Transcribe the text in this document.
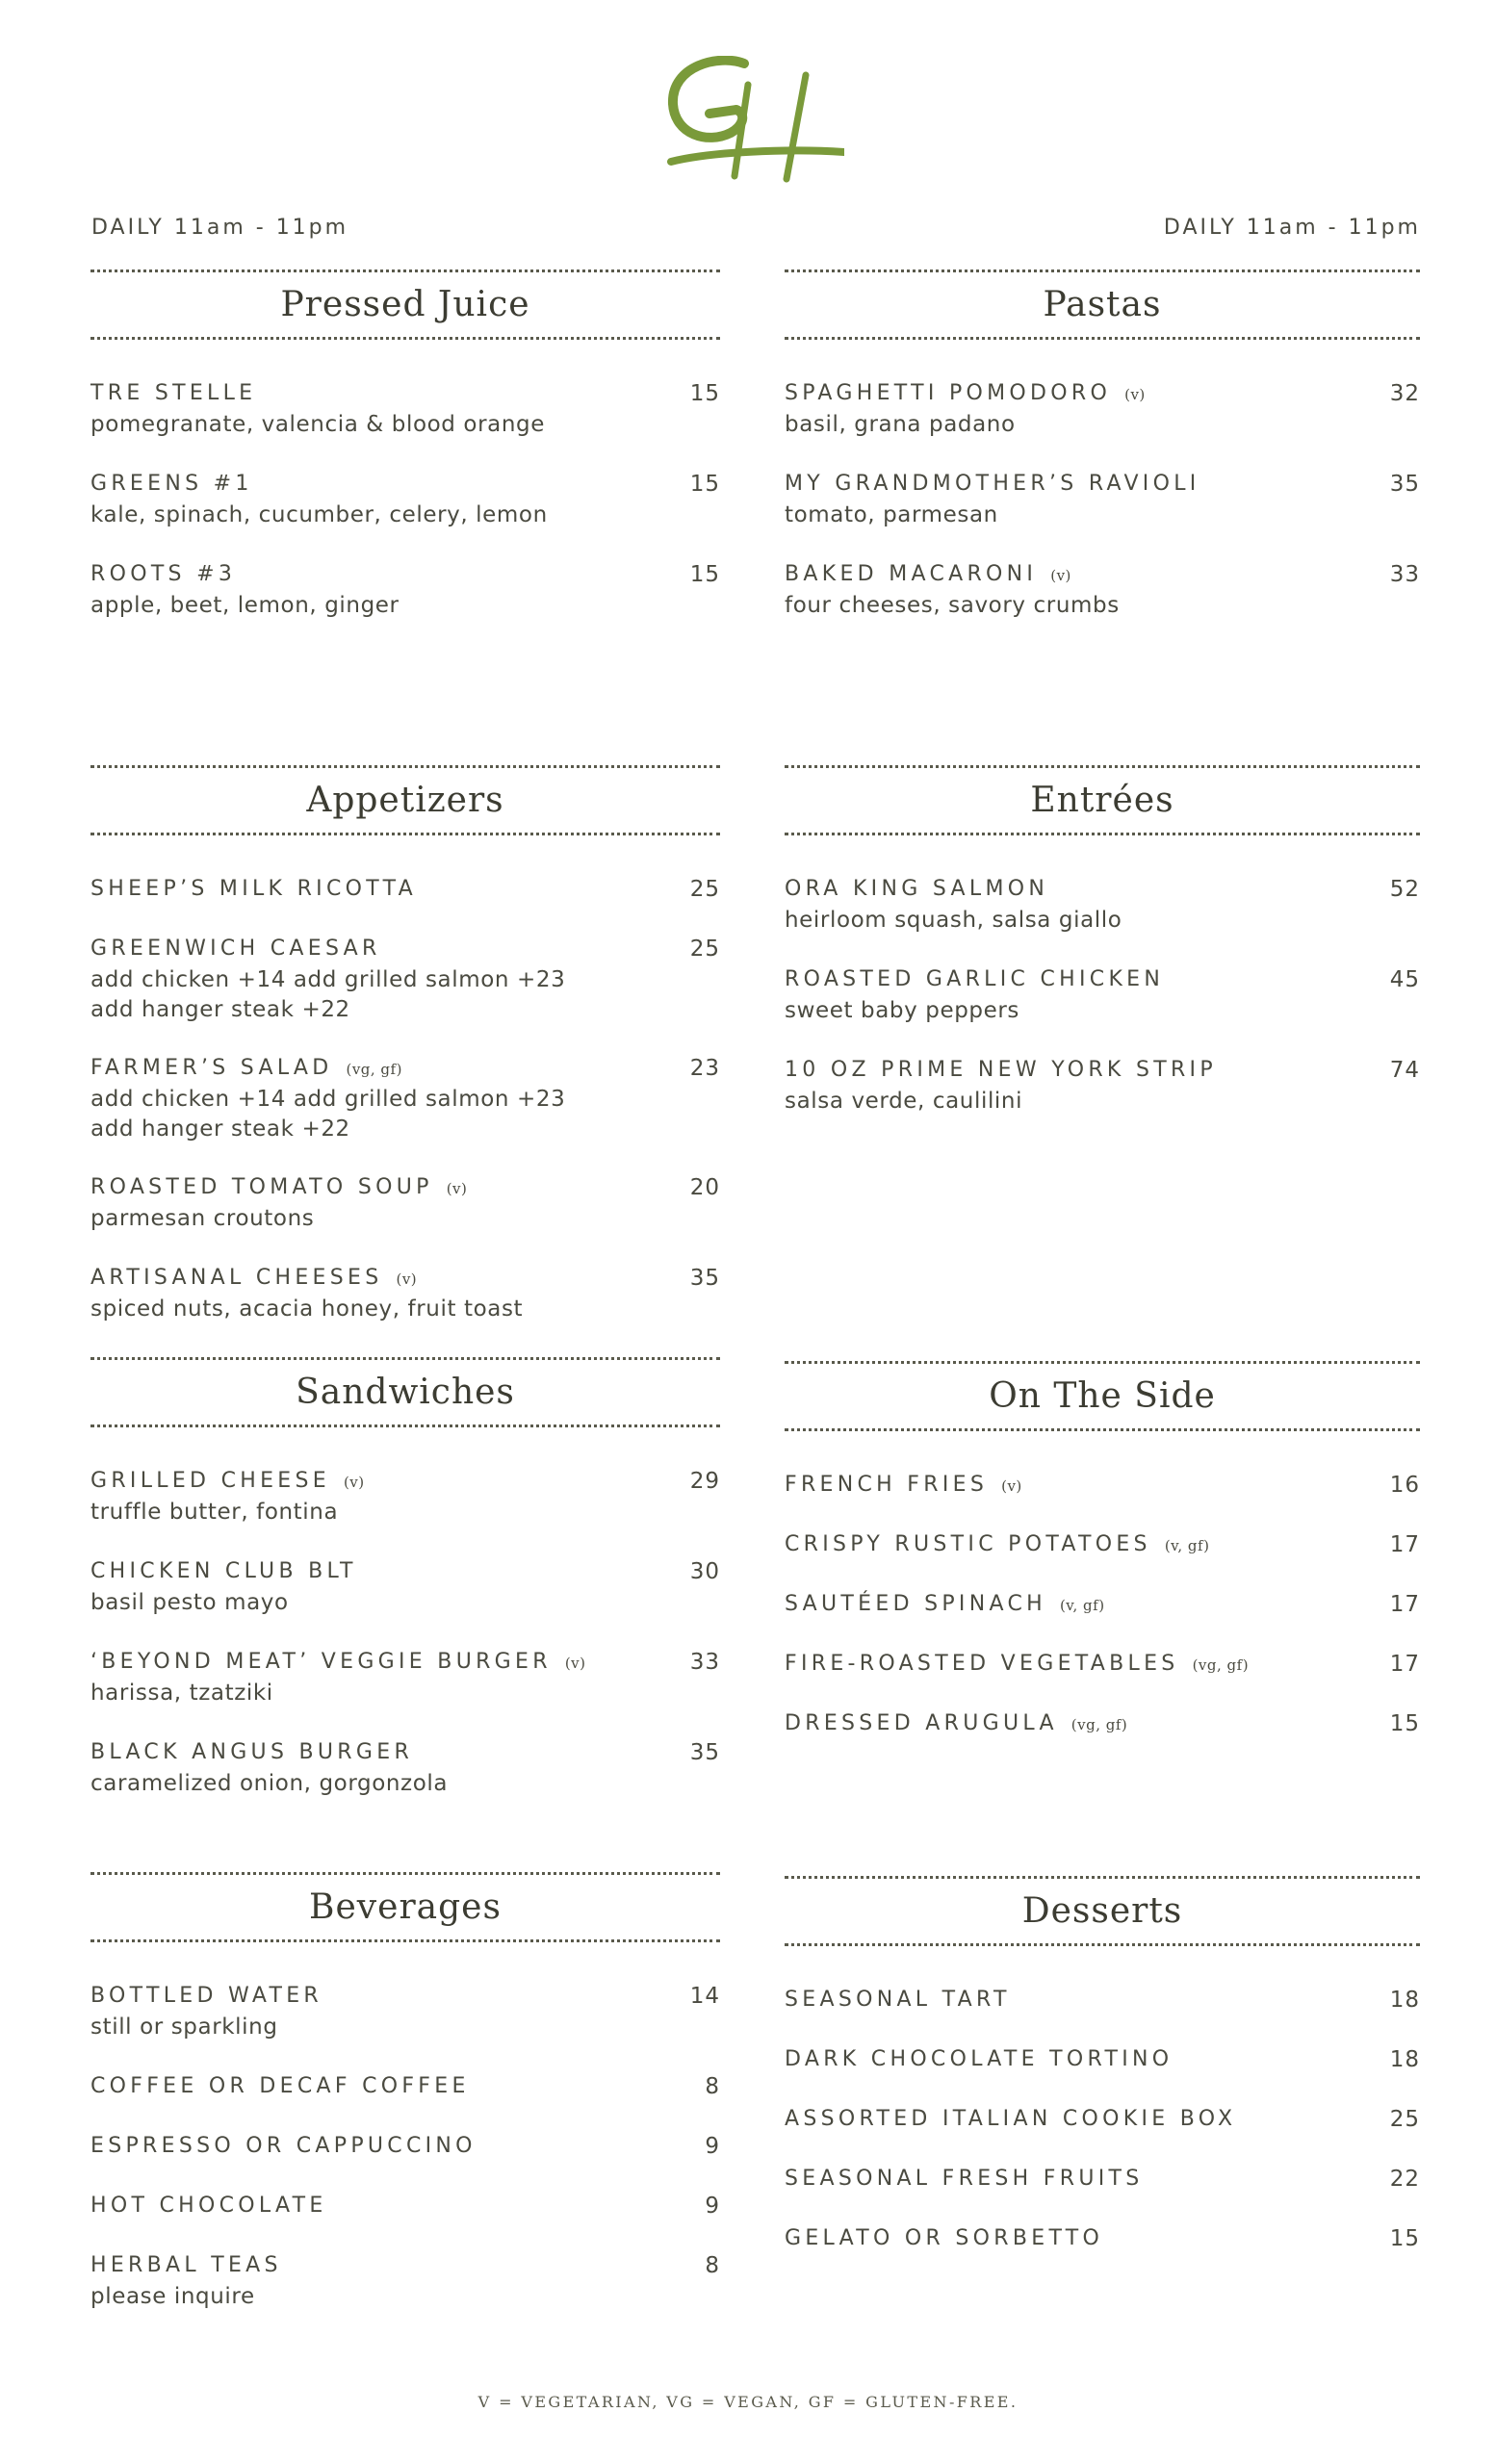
DAILY 11am - 11pm	DAILY 11am - 11pm
Pressed Juice
TRE STELLE	15
pomegranate, valencia & blood orange
GREENS #1	15
kale, spinach, cucumber, celery, lemon
ROOTS #3	15
apple, beet, lemon, ginger
Appetizers
SHEEP’S MILK RICOTTA	25
GREENWICH CAESAR	25
add chicken +14 add grilled salmon +23
add hanger steak +22
FARMER’S SALAD (vg, gf)	23
add chicken +14 add grilled salmon +23
add hanger steak +22
ROASTED TOMATO SOUP (v)	20
parmesan croutons
ARTISANAL CHEESES (v)	35
spiced nuts, acacia honey, fruit toast
Sandwiches
GRILLED CHEESE (v)	29
truffle butter, fontina
CHICKEN CLUB BLT	30
basil pesto mayo
‘BEYOND MEAT’ VEGGIE BURGER (v)	33
harissa, tzatziki
BLACK ANGUS BURGER	35
caramelized onion, gorgonzola
Beverages
BOTTLED WATER	14
still or sparkling
COFFEE OR DECAF COFFEE	8
ESPRESSO OR CAPPUCCINO	9
HOT CHOCOLATE	9
HERBAL TEAS	8
please inquire
Pastas
SPAGHETTI POMODORO (v)	32
basil, grana padano
MY GRANDMOTHER’S RAVIOLI	35
tomato, parmesan
BAKED MACARONI (v)	33
four cheeses, savory crumbs
Entrées
ORA KING SALMON	52
heirloom squash, salsa giallo
ROASTED GARLIC CHICKEN	45
sweet baby peppers
10 OZ PRIME NEW YORK STRIP	74
salsa verde, caulilini
On The Side
FRENCH FRIES (v)	16
CRISPY RUSTIC POTATOES (v, gf)	17
SAUTÉED SPINACH (v, gf)	17
FIRE-ROASTED VEGETABLES (vg, gf)	17
DRESSED ARUGULA (vg, gf)	15
Desserts
SEASONAL TART	18
DARK CHOCOLATE TORTINO	18
ASSORTED ITALIAN COOKIE BOX	25
SEASONAL FRESH FRUITS	22
GELATO OR SORBETTO	15
V = VEGETARIAN, VG = VEGAN, GF = GLUTEN-FREE.
